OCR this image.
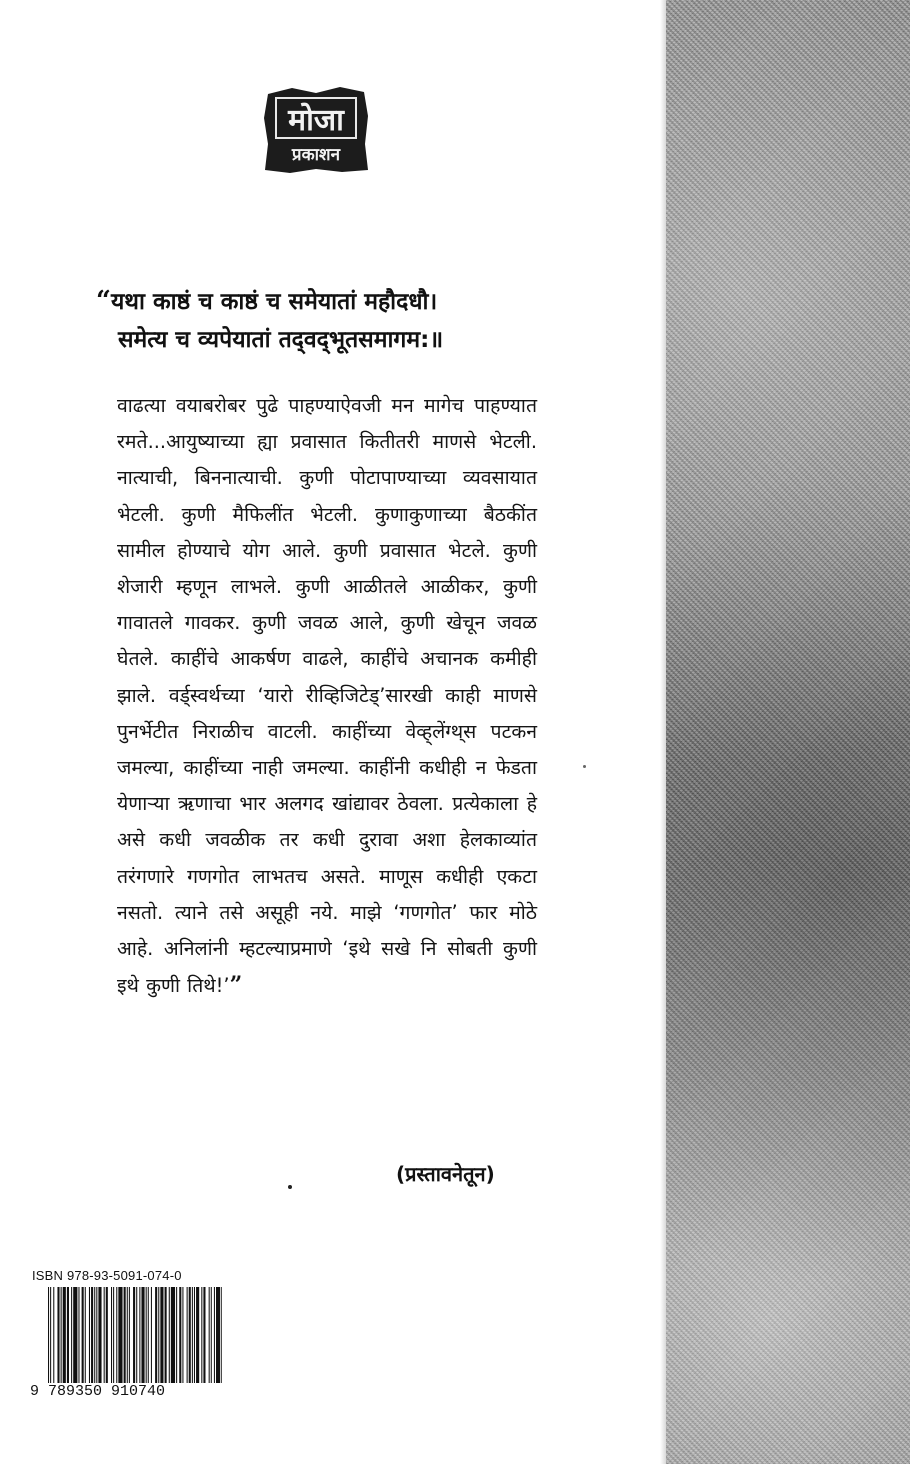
मोजा
प्रकाशन
“यथा काष्ठं च काष्ठं च समेयातां महौदधौ।
समेत्य च व्यपेयातां तद्‌वद्‌भूतसमागम:॥
वाढत्या वयाबरोबर पुढे पाहण्याऐवजी मन मागेच पाहण्यात रमते...आयुष्याच्या ह्या प्रवासात कितीतरी माणसे भेटली. नात्याची, बिननात्याची. कुणी पोटापाण्याच्या व्यवसायात भेटली. कुणी मैफिलींत भेटली. कुणाकुणाच्या बैठकींत सामील होण्याचे योग आले. कुणी प्रवासात भेटले. कुणी शेजारी म्हणून लाभले. कुणी आळीतले आळीकर, कुणी गावातले गावकर. कुणी जवळ आले, कुणी खेचून जवळ घेतले. काहींचे आकर्षण वाढले, काहींचे अचानक कमीही झाले. वर्ड्‌स्वर्थच्या ‘यारो रीव्हिजिटेड्‌’सारखी काही माणसे पुनर्भेटीत निराळीच वाटली. काहींच्या वेव्ह्‌लेंग्थ्‌स पटकन जमल्या, काहींच्या नाही जमल्या. काहींनी कधीही न फेडता येणाऱ्या ऋणाचा भार अलगद खांद्यावर ठेवला. प्रत्येकाला हे असे कधी जवळीक तर कधी दुरावा अशा हेलकाव्यांत तरंगणारे गणगोत लाभतच असते. माणूस कधीही एकटा नसतो. त्याने तसे असूही नये. माझे ‘गणगोत’ फार मोठे आहे. अनिलांनी म्हटल्याप्रमाणे ‘इथे सखे नि सोबती कुणी इथे कुणी तिथे!’”
(प्रस्तावनेतून)
ISBN 978-93-5091-074-0
9 789350 910740
